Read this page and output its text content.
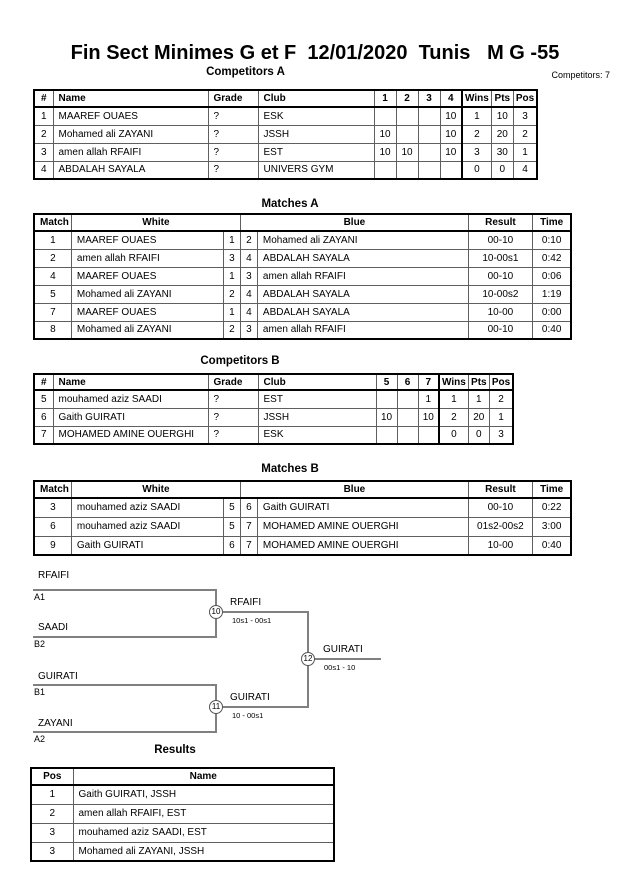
Fin Sect Minimes G et F  12/01/2020  Tunis   M G -55
Competitors A	Competitors: 7
#	Name	Grade	Club	1	2	3	4	Wins	Pts	Pos
1	MAAREF OUAES	?	ESK				10	1	10	3
2	Mohamed ali ZAYANI	?	JSSH	10			10	2	20	2
3	amen allah RFAIFI	?	EST	10	10		10	3	30	1
4	ABDALAH SAYALA	?	UNIVERS GYM					0	0	4
Matches A
Match	White		Blue		Result	Time
1	MAAREF OUAES	1	2	Mohamed ali ZAYANI	00-10	0:10
2	amen allah RFAIFI	3	4	ABDALAH SAYALA	10-00s1	0:42
4	MAAREF OUAES	1	3	amen allah RFAIFI	00-10	0:06
5	Mohamed ali ZAYANI	2	4	ABDALAH SAYALA	10-00s2	1:19
7	MAAREF OUAES	1	4	ABDALAH SAYALA	10-00	0:00
8	Mohamed ali ZAYANI	2	3	amen allah RFAIFI	00-10	0:40
Competitors B
#	Name	Grade	Club	5	6	7	Wins	Pts	Pos
5	mouhamed aziz SAADI	?	EST			1	1	1	2
6	Gaith GUIRATI	?	JSSH	10		10	2	20	1
7	MOHAMED AMINE OUERGHI	?	ESK				0	0	3
Matches B
Match	White		Blue		Result	Time
3	mouhamed aziz SAADI	5	6	Gaith GUIRATI	00-10	0:22
6	mouhamed aziz SAADI	5	7	MOHAMED AMINE OUERGHI	01s2-00s2	3:00
9	Gaith GUIRATI	6	7	MOHAMED AMINE OUERGHI	10-00	0:40
RFAIFI
A1
SAADI
B2
10
RFAIFI
10s1 - 00s1
GUIRATI
B1
ZAYANI
A2
11
GUIRATI
10 - 00s1
12
GUIRATI
00s1 - 10
Results
Pos	Name
1	Gaith GUIRATI, JSSH
2	amen allah RFAIFI, EST
3	mouhamed aziz SAADI, EST
3	Mohamed ali ZAYANI, JSSH
